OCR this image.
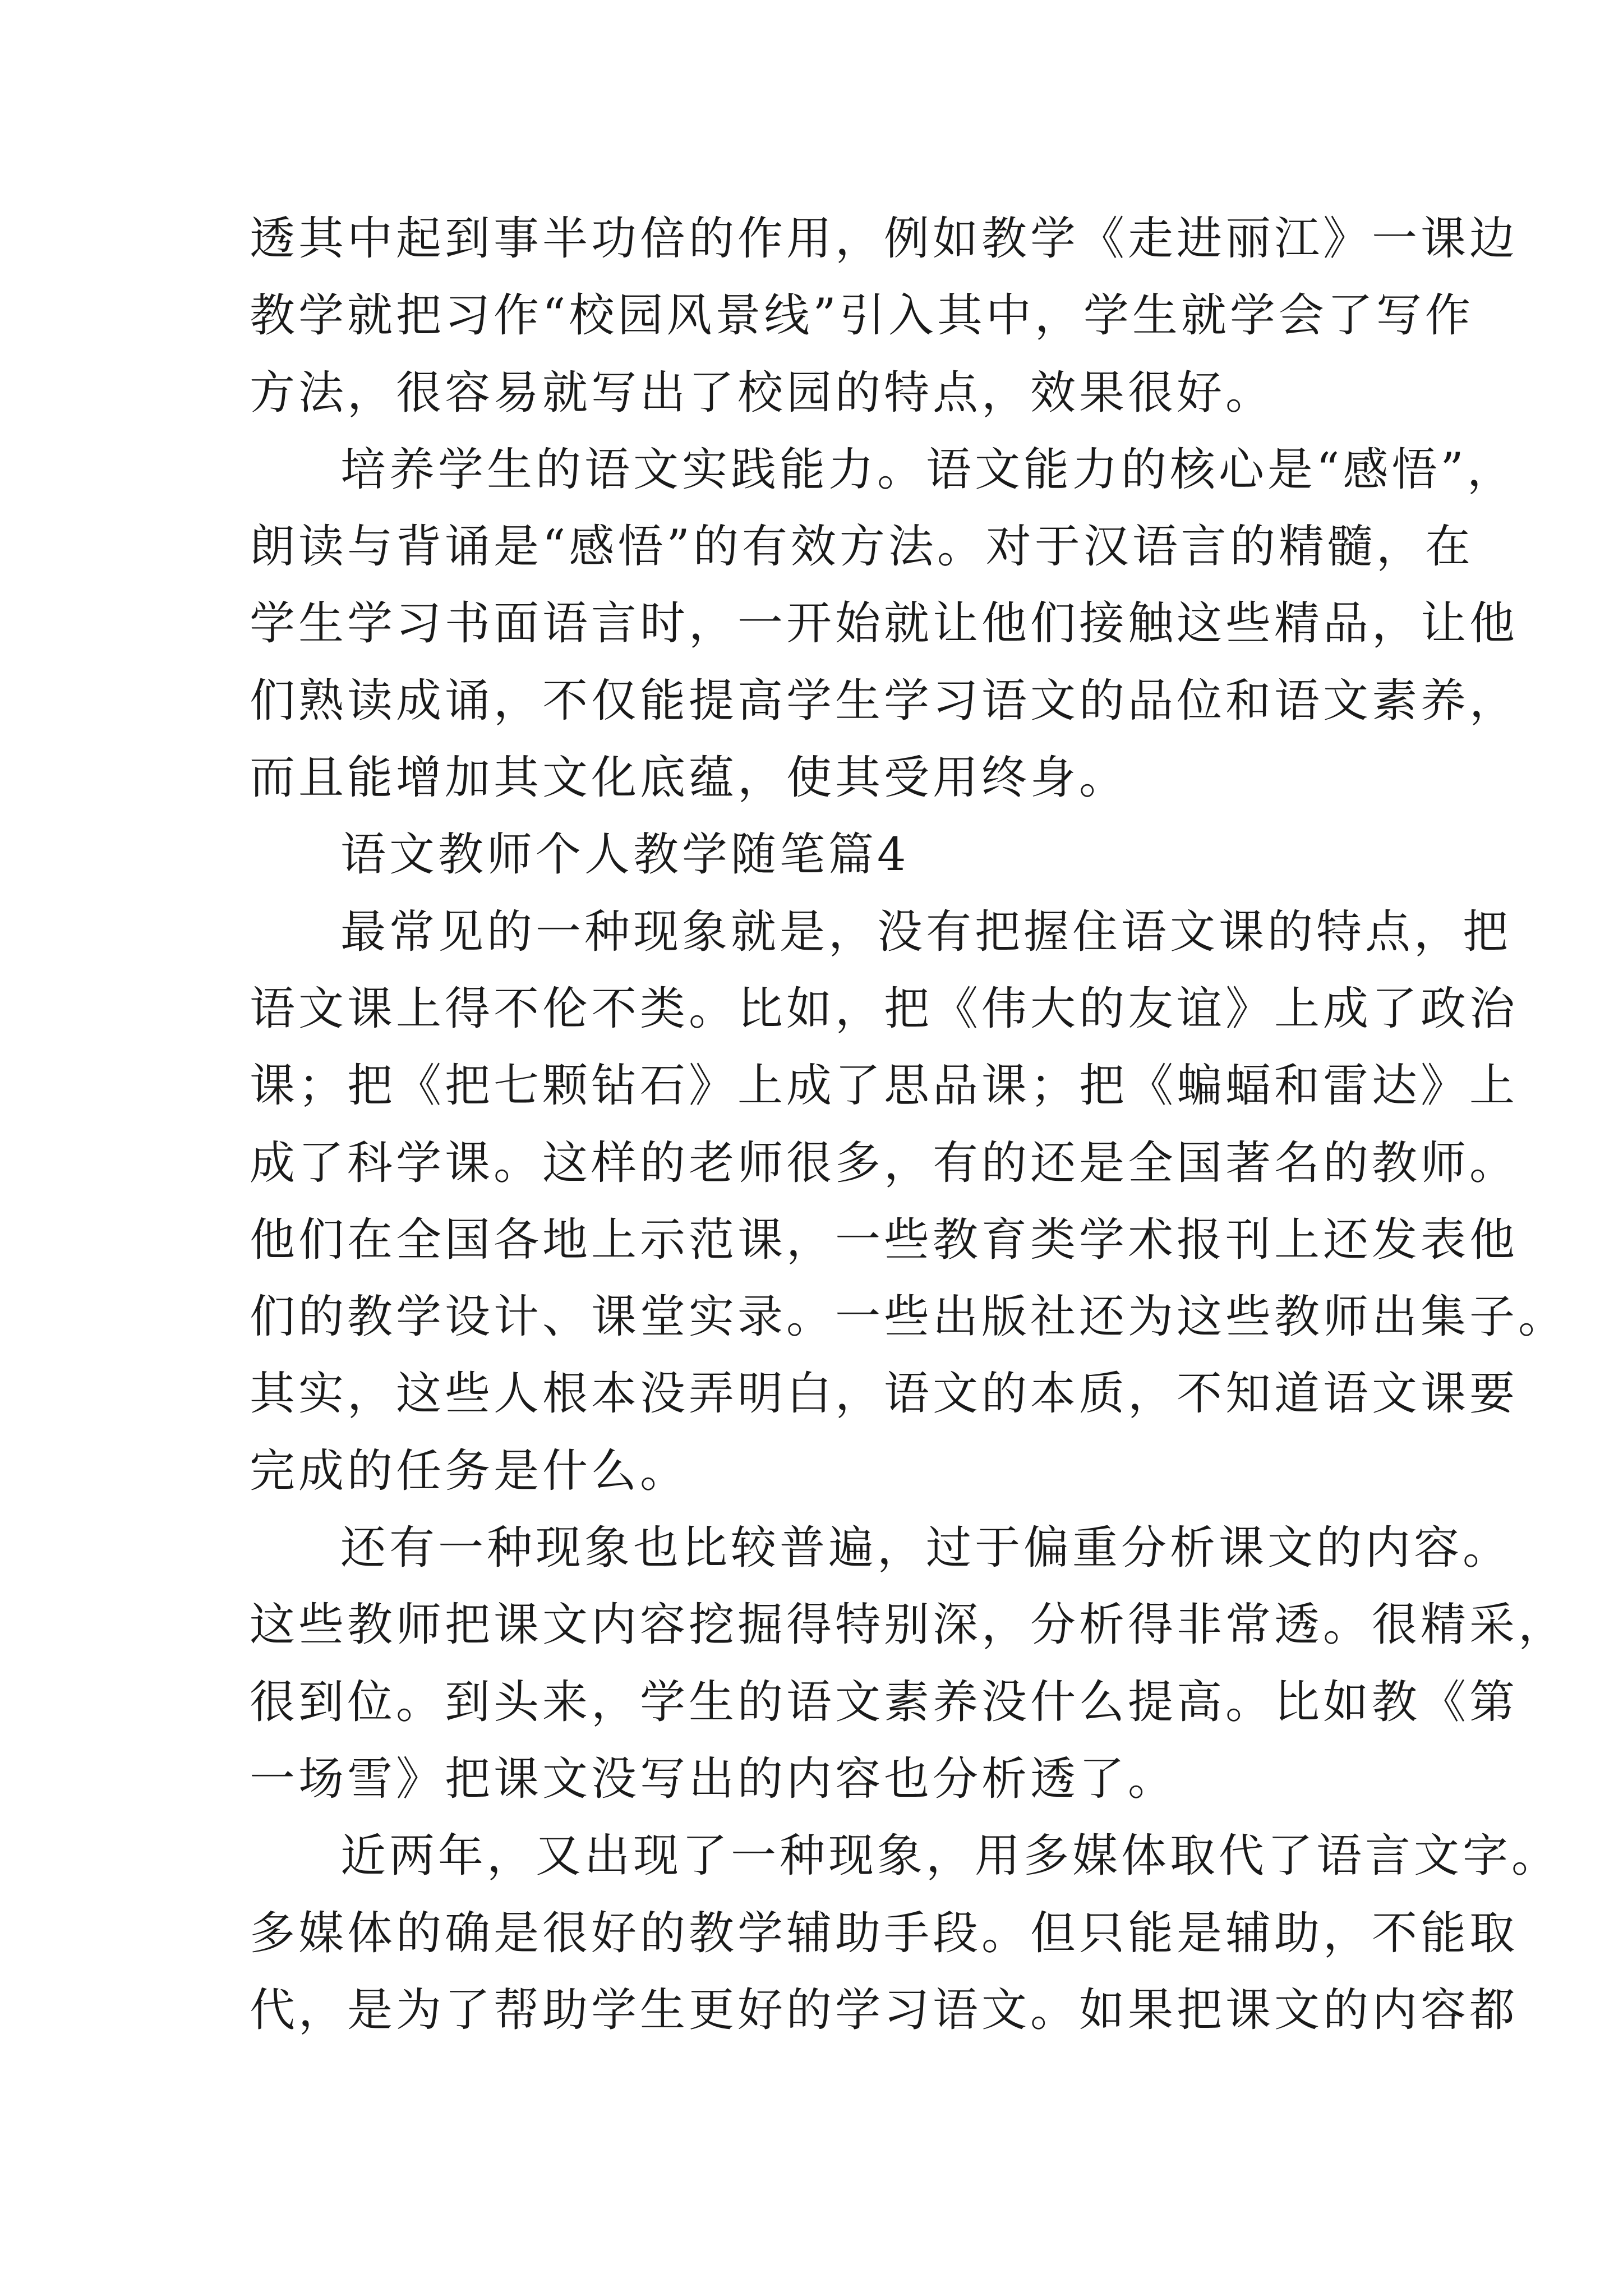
透其中起到事半功倍的作用，例如教学《走进丽江》一课边
教学就把习作“校园风景线”引入其中，学生就学会了写作
方法，很容易就写出了校园的特点，效果很好。
培养学生的语文实践能力。语文能力的核心是“感悟”，
朗读与背诵是“感悟”的有效方法。对于汉语言的精髓，在
学生学习书面语言时，一开始就让他们接触这些精品，让他
们熟读成诵，不仅能提高学生学习语文的品位和语文素养，
而且能增加其文化底蕴，使其受用终身。
语文教师个人教学随笔篇4
最常见的一种现象就是，没有把握住语文课的特点，把
语文课上得不伦不类。比如，把《伟大的友谊》上成了政治
课；把《把七颗钻石》上成了思品课；把《蝙蝠和雷达》上
成了科学课。这样的老师很多，有的还是全国著名的教师。
他们在全国各地上示范课，一些教育类学术报刊上还发表他
们的教学设计、课堂实录。一些出版社还为这些教师出集子。
其实，这些人根本没弄明白，语文的本质，不知道语文课要
完成的任务是什么。
还有一种现象也比较普遍，过于偏重分析课文的内容。
这些教师把课文内容挖掘得特别深，分析得非常透。很精采，
很到位。到头来，学生的语文素养没什么提高。比如教《第
一场雪》把课文没写出的内容也分析透了。
近两年，又出现了一种现象，用多媒体取代了语言文字。
多媒体的确是很好的教学辅助手段。但只能是辅助，不能取
代，是为了帮助学生更好的学习语文。如果把课文的内容都
